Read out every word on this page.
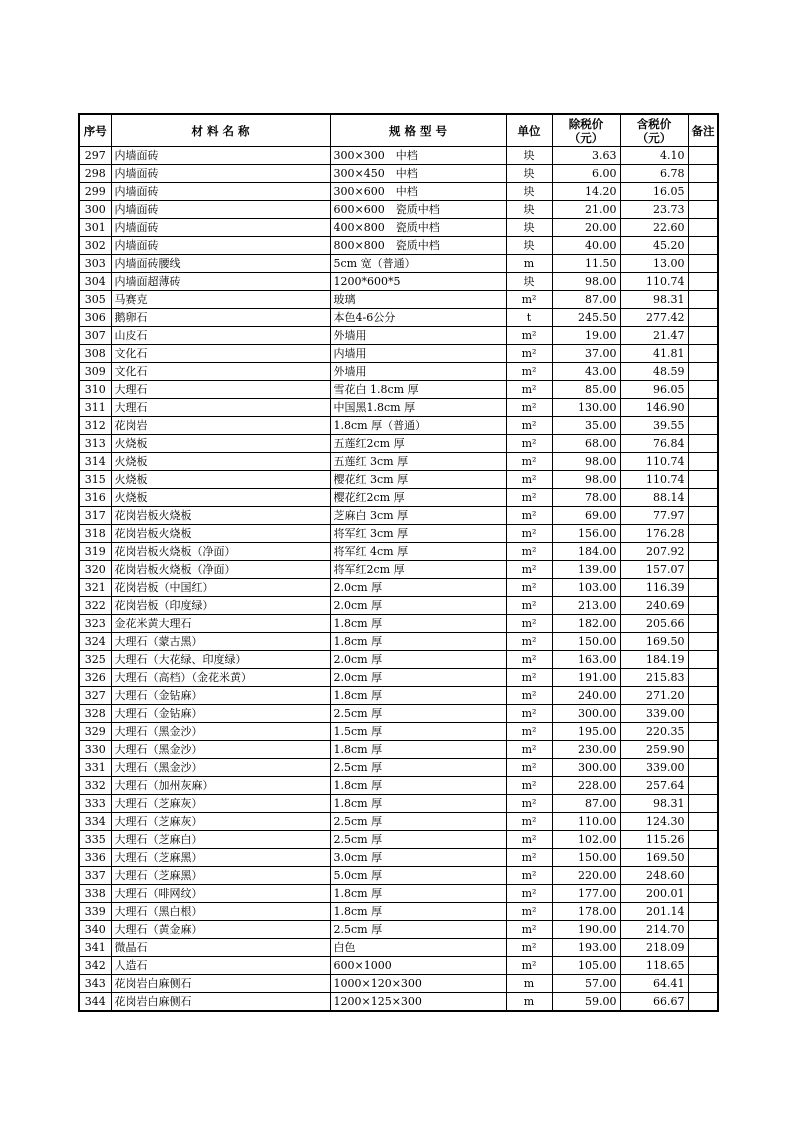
序号	材 料 名 称	规 格 型 号	单位	除税价（元）	含税价（元）	备注
297	内墙面砖	300×300　中档	块	3.63	4.10	
298	内墙面砖	300×450　中档	块	6.00	6.78	
299	内墙面砖	300×600　中档	块	14.20	16.05	
300	内墙面砖	600×600　瓷质中档	块	21.00	23.73	
301	内墙面砖	400×800　瓷质中档	块	20.00	22.60	
302	内墙面砖	800×800　瓷质中档	块	40.00	45.20	
303	内墙面砖腰线	5cm 宽（普通）	m	11.50	13.00	
304	内墙面超薄砖	1200*600*5	块	98.00	110.74	
305	马赛克	玻璃	m²	87.00	98.31	
306	鹅卵石	本色4-6公分	t	245.50	277.42	
307	山皮石	外墙用	m²	19.00	21.47	
308	文化石	内墙用	m²	37.00	41.81	
309	文化石	外墙用	m²	43.00	48.59	
310	大理石	雪花白 1.8cm 厚	m²	85.00	96.05	
311	大理石	中国黑1.8cm 厚	m²	130.00	146.90	
312	花岗岩	1.8cm 厚（普通）	m²	35.00	39.55	
313	火烧板	五莲红2cm 厚	m²	68.00	76.84	
314	火烧板	五莲红 3cm 厚	m²	98.00	110.74	
315	火烧板	樱花红 3cm 厚	m²	98.00	110.74	
316	火烧板	樱花红2cm 厚	m²	78.00	88.14	
317	花岗岩板火烧板	芝麻白 3cm 厚	m²	69.00	77.97	
318	花岗岩板火烧板	将军红 3cm 厚	m²	156.00	176.28	
319	花岗岩板火烧板（净面）	将军红 4cm 厚	m²	184.00	207.92	
320	花岗岩板火烧板（净面）	将军红2cm 厚	m²	139.00	157.07	
321	花岗岩板（中国红）	2.0cm 厚	m²	103.00	116.39	
322	花岗岩板（印度绿）	2.0cm 厚	m²	213.00	240.69	
323	金花米黄大理石	1.8cm 厚	m²	182.00	205.66	
324	大理石（蒙古黑）	1.8cm 厚	m²	150.00	169.50	
325	大理石（大花绿、印度绿）	2.0cm 厚	m²	163.00	184.19	
326	大理石（高档）（金花米黄）	2.0cm 厚	m²	191.00	215.83	
327	大理石（金钻麻）	1.8cm 厚	m²	240.00	271.20	
328	大理石（金钻麻）	2.5cm 厚	m²	300.00	339.00	
329	大理石（黑金沙）	1.5cm 厚	m²	195.00	220.35	
330	大理石（黑金沙）	1.8cm 厚	m²	230.00	259.90	
331	大理石（黑金沙）	2.5cm 厚	m²	300.00	339.00	
332	大理石（加州灰麻）	1.8cm 厚	m²	228.00	257.64	
333	大理石（芝麻灰）	1.8cm 厚	m²	87.00	98.31	
334	大理石（芝麻灰）	2.5cm 厚	m²	110.00	124.30	
335	大理石（芝麻白）	2.5cm 厚	m²	102.00	115.26	
336	大理石（芝麻黑）	3.0cm 厚	m²	150.00	169.50	
337	大理石（芝麻黑）	5.0cm 厚	m²	220.00	248.60	
338	大理石（啡网纹）	1.8cm 厚	m²	177.00	200.01	
339	大理石（黑白根）	1.8cm 厚	m²	178.00	201.14	
340	大理石（黄金麻）	2.5cm 厚	m²	190.00	214.70	
341	微晶石	白色	m²	193.00	218.09	
342	人造石	600×1000	m²	105.00	118.65	
343	花岗岩白麻侧石	1000×120×300	m	57.00	64.41	
344	花岗岩白麻侧石	1200×125×300	m	59.00	66.67	
